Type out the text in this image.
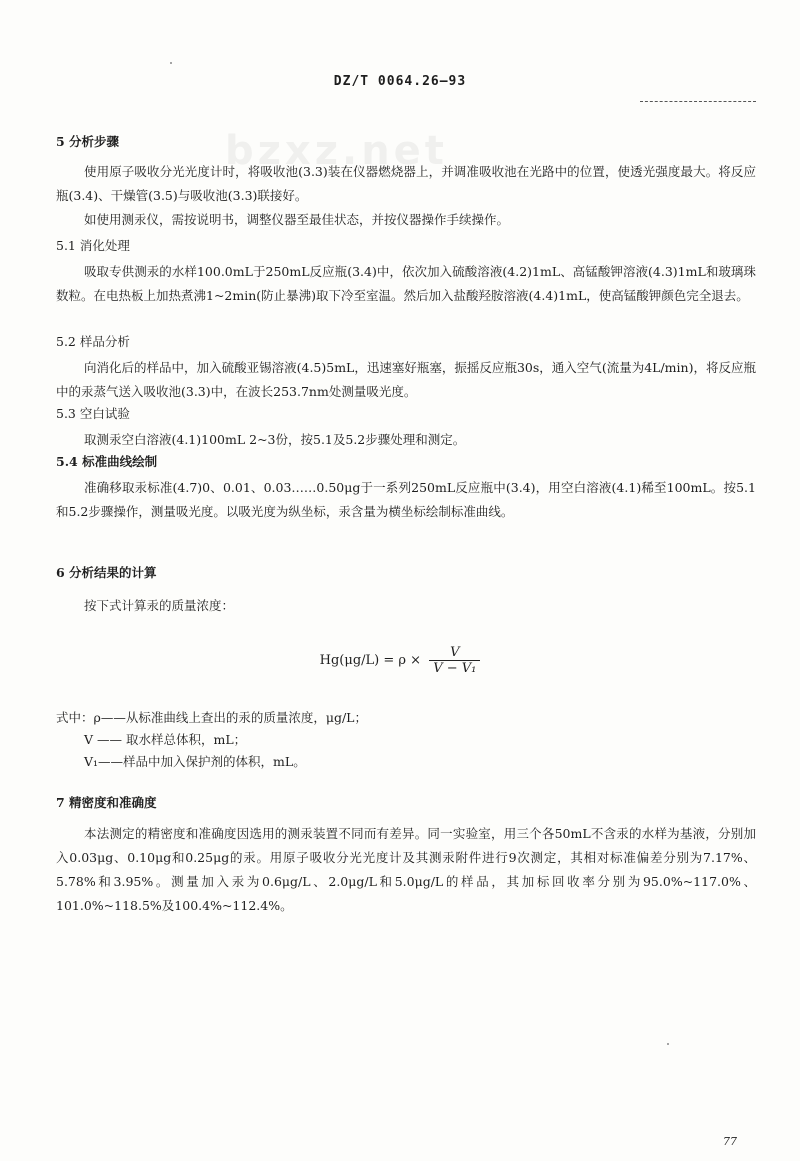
bzxz.net
DZ/T 0064.26—93
5 分析步骤
使用原子吸收分光光度计时，将吸收池(3.3)装在仪器燃烧器上，并调准吸收池在光路中的位置，使透光强度最大。将反应瓶(3.4)、干燥管(3.5)与吸收池(3.3)联接好。
如使用测汞仪，需按说明书，调整仪器至最佳状态，并按仪器操作手续操作。
5.1 消化处理
吸取专供测汞的水样100.0mL于250mL反应瓶(3.4)中，依次加入硫酸溶液(4.2)1mL、高锰酸钾溶液(4.3)1mL和玻璃珠数粒。在电热板上加热煮沸1~2min(防止暴沸)取下冷至室温。然后加入盐酸羟胺溶液(4.4)1mL，使高锰酸钾颜色完全退去。
5.2 样品分析
向消化后的样品中，加入硫酸亚锡溶液(4.5)5mL，迅速塞好瓶塞，振摇反应瓶30s，通入空气(流量为4L/min)，将反应瓶中的汞蒸气送入吸收池(3.3)中，在波长253.7nm处测量吸光度。
5.3 空白试验
取测汞空白溶液(4.1)100mL 2~3份，按5.1及5.2步骤处理和测定。
5.4 标准曲线绘制
准确移取汞标准(4.7)0、0.01、0.03……0.50μg于一系列250mL反应瓶中(3.4)，用空白溶液(4.1)稀至100mL。按5.1和5.2步骤操作，测量吸光度。以吸光度为纵坐标，汞含量为横坐标绘制标准曲线。
6 分析结果的计算
按下式计算汞的质量浓度：
$Hg(\mu g/L) = \rho \times \frac{V}{\text{V − V₁}}$
式中：ρ——从标准曲线上查出的汞的质量浓度，μg/L；
V —— 取水样总体积，mL；
V₁——样品中加入保护剂的体积，mL。
7 精密度和准确度
本法测定的精密度和准确度因选用的测汞装置不同而有差异。同一实验室，用三个各50mL不含汞的水样为基液，分别加入0.03μg、0.10μg和0.25μg的汞。用原子吸收分光光度计及其测汞附件进行9次测定，其相对标准偏差分别为7.17%、5.78%和3.95%。测量加入汞为0.6μg/L、2.0μg/L和5.0μg/L的样品，其加标回收率分别为95.0%~117.0%、101.0%~118.5%及100.4%~112.4%。
77
